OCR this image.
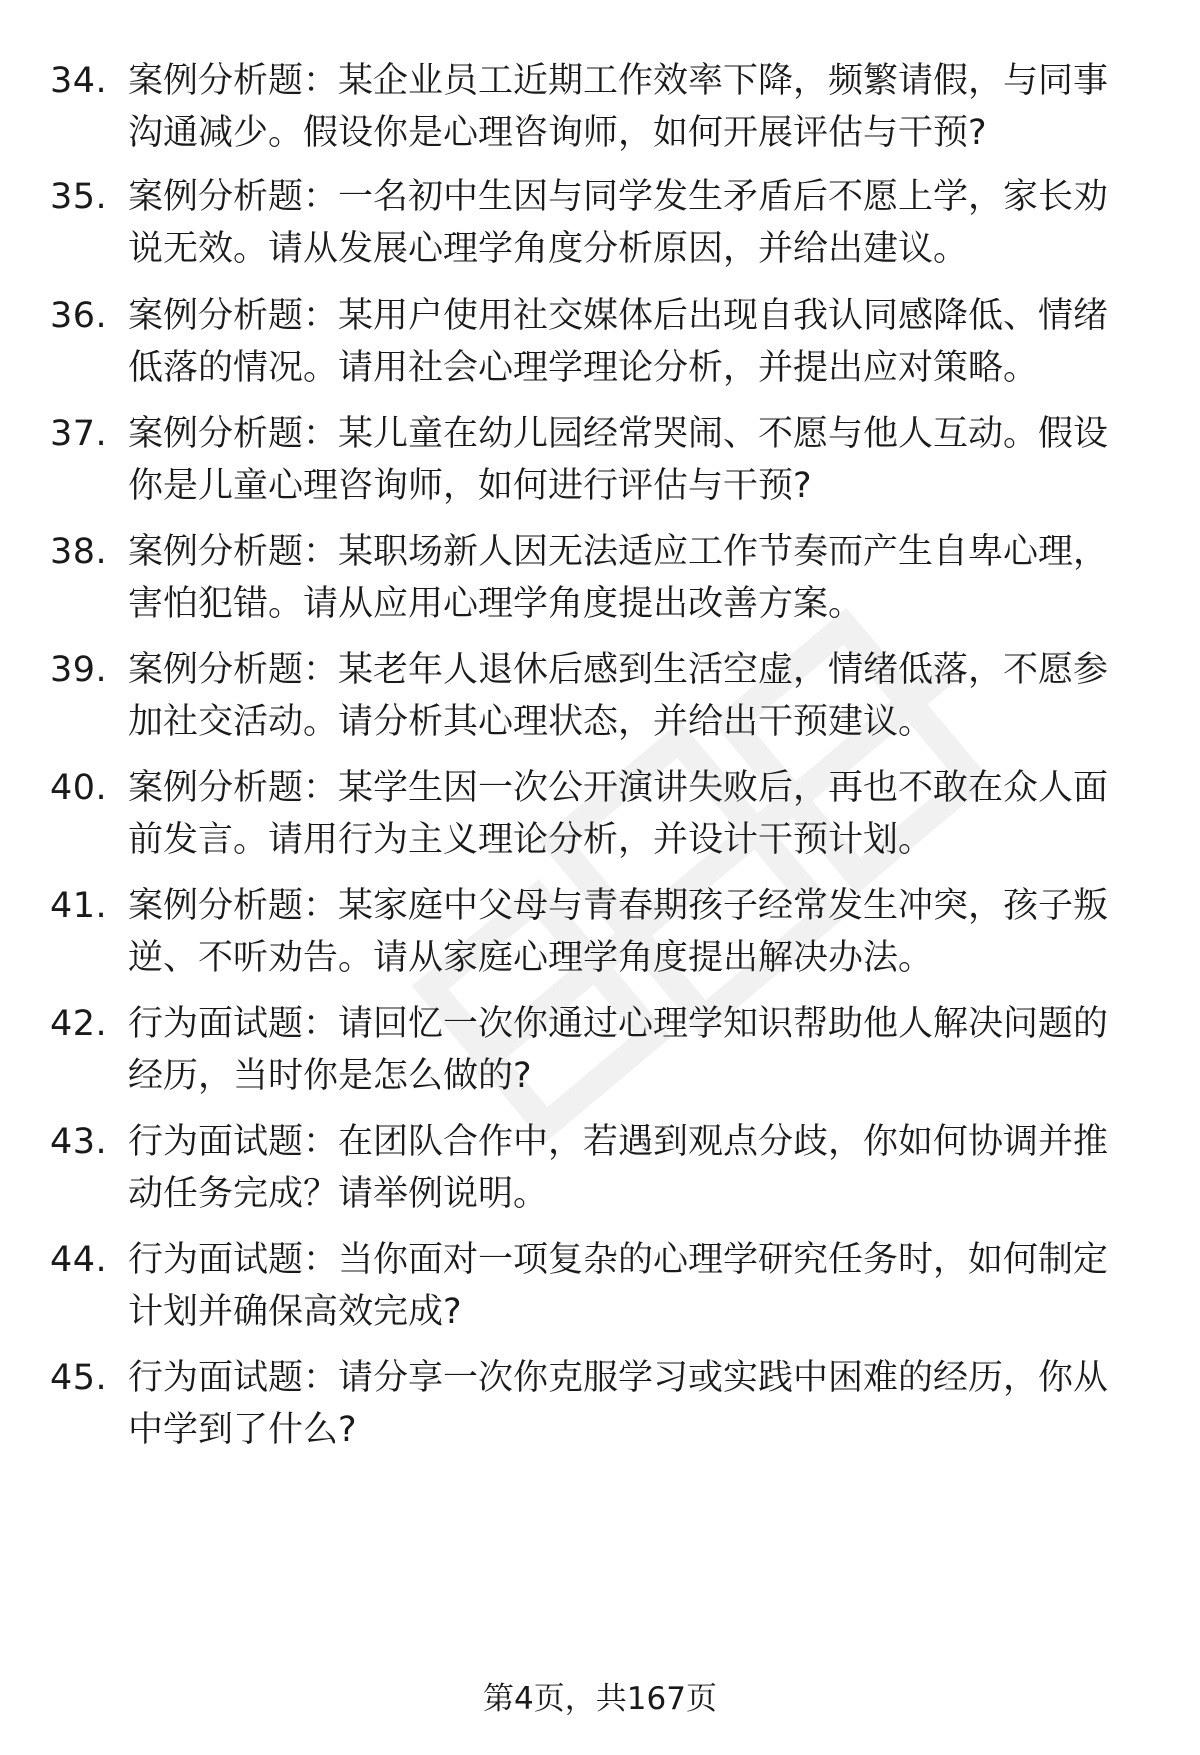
34. 案例分析题：某企业员工近期工作效率下降，频繁请假，与同事
沟通减少。假设你是心理咨询师，如何开展评估与干预?
35. 案例分析题：一名初中生因与同学发生矛盾后不愿上学，家长劝
说无效。请从发展心理学角度分析原因，并给出建议。
36. 案例分析题：某用户使用社交媒体后出现自我认同感降低、情绪
低落的情况。请用社会心理学理论分析，并提出应对策略。
37. 案例分析题：某儿童在幼儿园经常哭闹、不愿与他人互动。假设
你是儿童心理咨询师，如何进行评估与干预?
38. 案例分析题：某职场新人因无法适应工作节奏而产生自卑心理，
害怕犯错。请从应用心理学角度提出改善方案。
39. 案例分析题：某老年人退休后感到生活空虚，情绪低落，不愿参
加社交活动。请分析其心理状态，并给出干预建议。
40. 案例分析题：某学生因一次公开演讲失败后，再也不敢在众人面
前发言。请用行为主义理论分析，并设计干预计划。
41. 案例分析题：某家庭中父母与青春期孩子经常发生冲突，孩子叛
逆、不听劝告。请从家庭心理学角度提出解决办法。
42. 行为面试题：请回忆一次你通过心理学知识帮助他人解决问题的
经历，当时你是怎么做的?
43. 行为面试题：在团队合作中，若遇到观点分歧，你如何协调并推
动任务完成？请举例说明。
44. 行为面试题：当你面对一项复杂的心理学研究任务时，如何制定
计划并确保高效完成?
45. 行为面试题：请分享一次你克服学习或实践中困难的经历，你从
中学到了什么?
第4页，共167页
